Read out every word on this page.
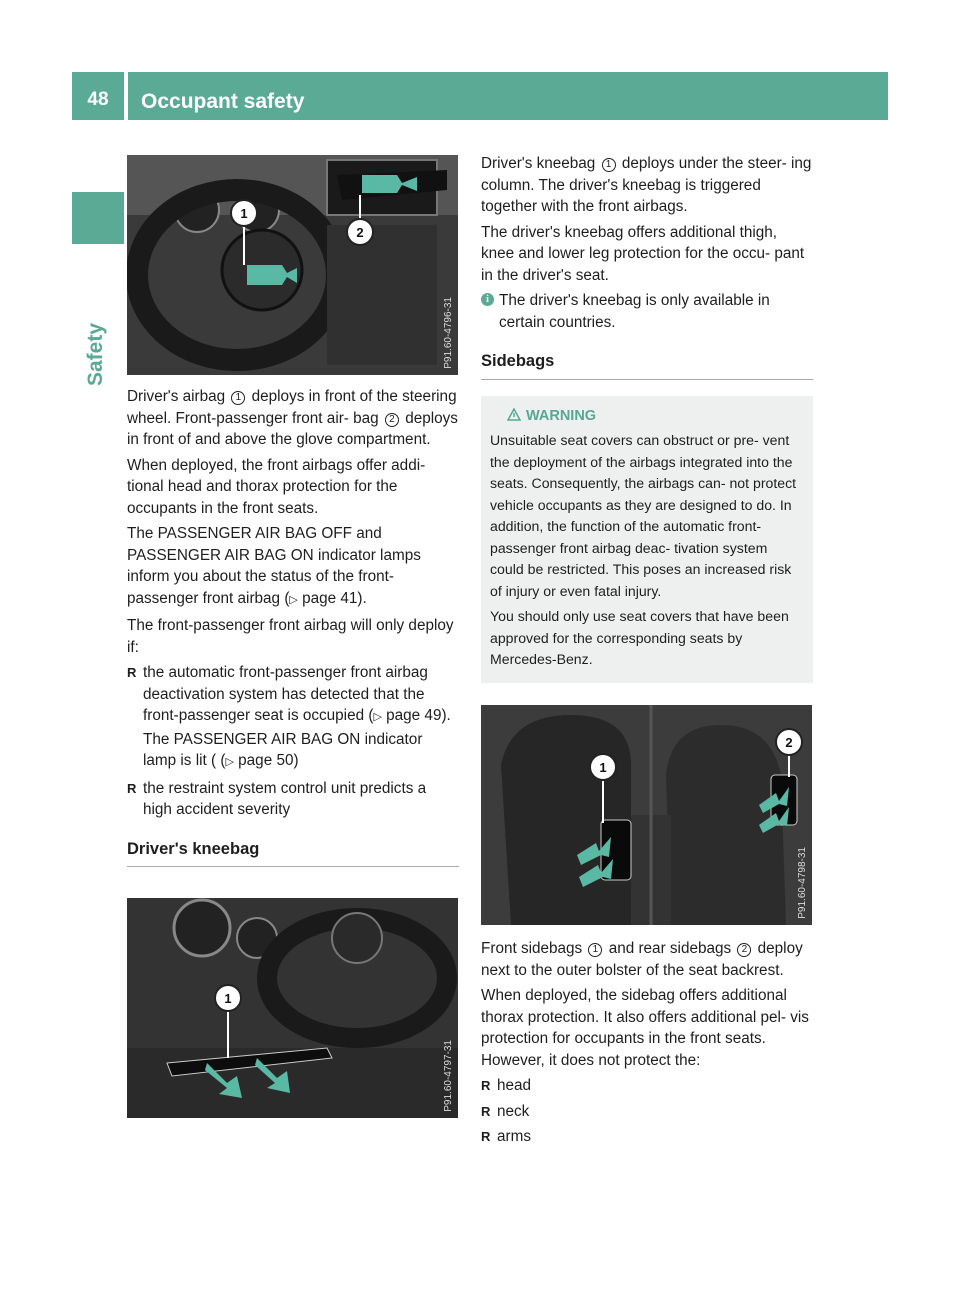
48	Occupant safety
Safety
1
2
P91.60-4796-31

Driver's airbag 1 deploys in front of the steering wheel. Front-passenger front air- bag 2 deploys in front of and above the glove compartment.

When deployed, the front airbags offer addi- tional head and thorax protection for the occupants in the front seats.

The PASSENGER AIR BAG OFF and PASSENGER AIR BAG ON indicator lamps inform you about the status of the front- passenger front airbag (▷ page 41).

The front-passenger front airbag will only deploy if:

R the automatic front-passenger front airbag deactivation system has detected that the front-passenger seat is occupied (▷ page 49). The PASSENGER AIR BAG ON indicator lamp is lit ( (▷ page 50)

R the restraint system control unit predicts a high accident severity

Driver's kneebag
1
P91.60-4797-31

Driver's kneebag 1 deploys under the steer- ing column. The driver's kneebag is triggered together with the front airbags.

The driver's kneebag offers additional thigh, knee and lower leg protection for the occu- pant in the driver's seat.

i The driver's kneebag is only available in certain countries.

Sidebags
WARNING

Unsuitable seat covers can obstruct or pre- vent the deployment of the airbags integrated into the seats. Consequently, the airbags can- not protect vehicle occupants as they are designed to do. In addition, the function of the automatic front-passenger front airbag deac- tivation system could be restricted. This poses an increased risk of injury or even fatal injury.

You should only use seat covers that have been approved for the corresponding seats by Mercedes-Benz.

1
2
P91.60-4798-31

Front sidebags 1 and rear sidebags 2 deploy next to the outer bolster of the seat backrest.

When deployed, the sidebag offers additional thorax protection. It also offers additional pel- vis protection for occupants in the front seats. However, it does not protect the:

R head

R neck

R arms
